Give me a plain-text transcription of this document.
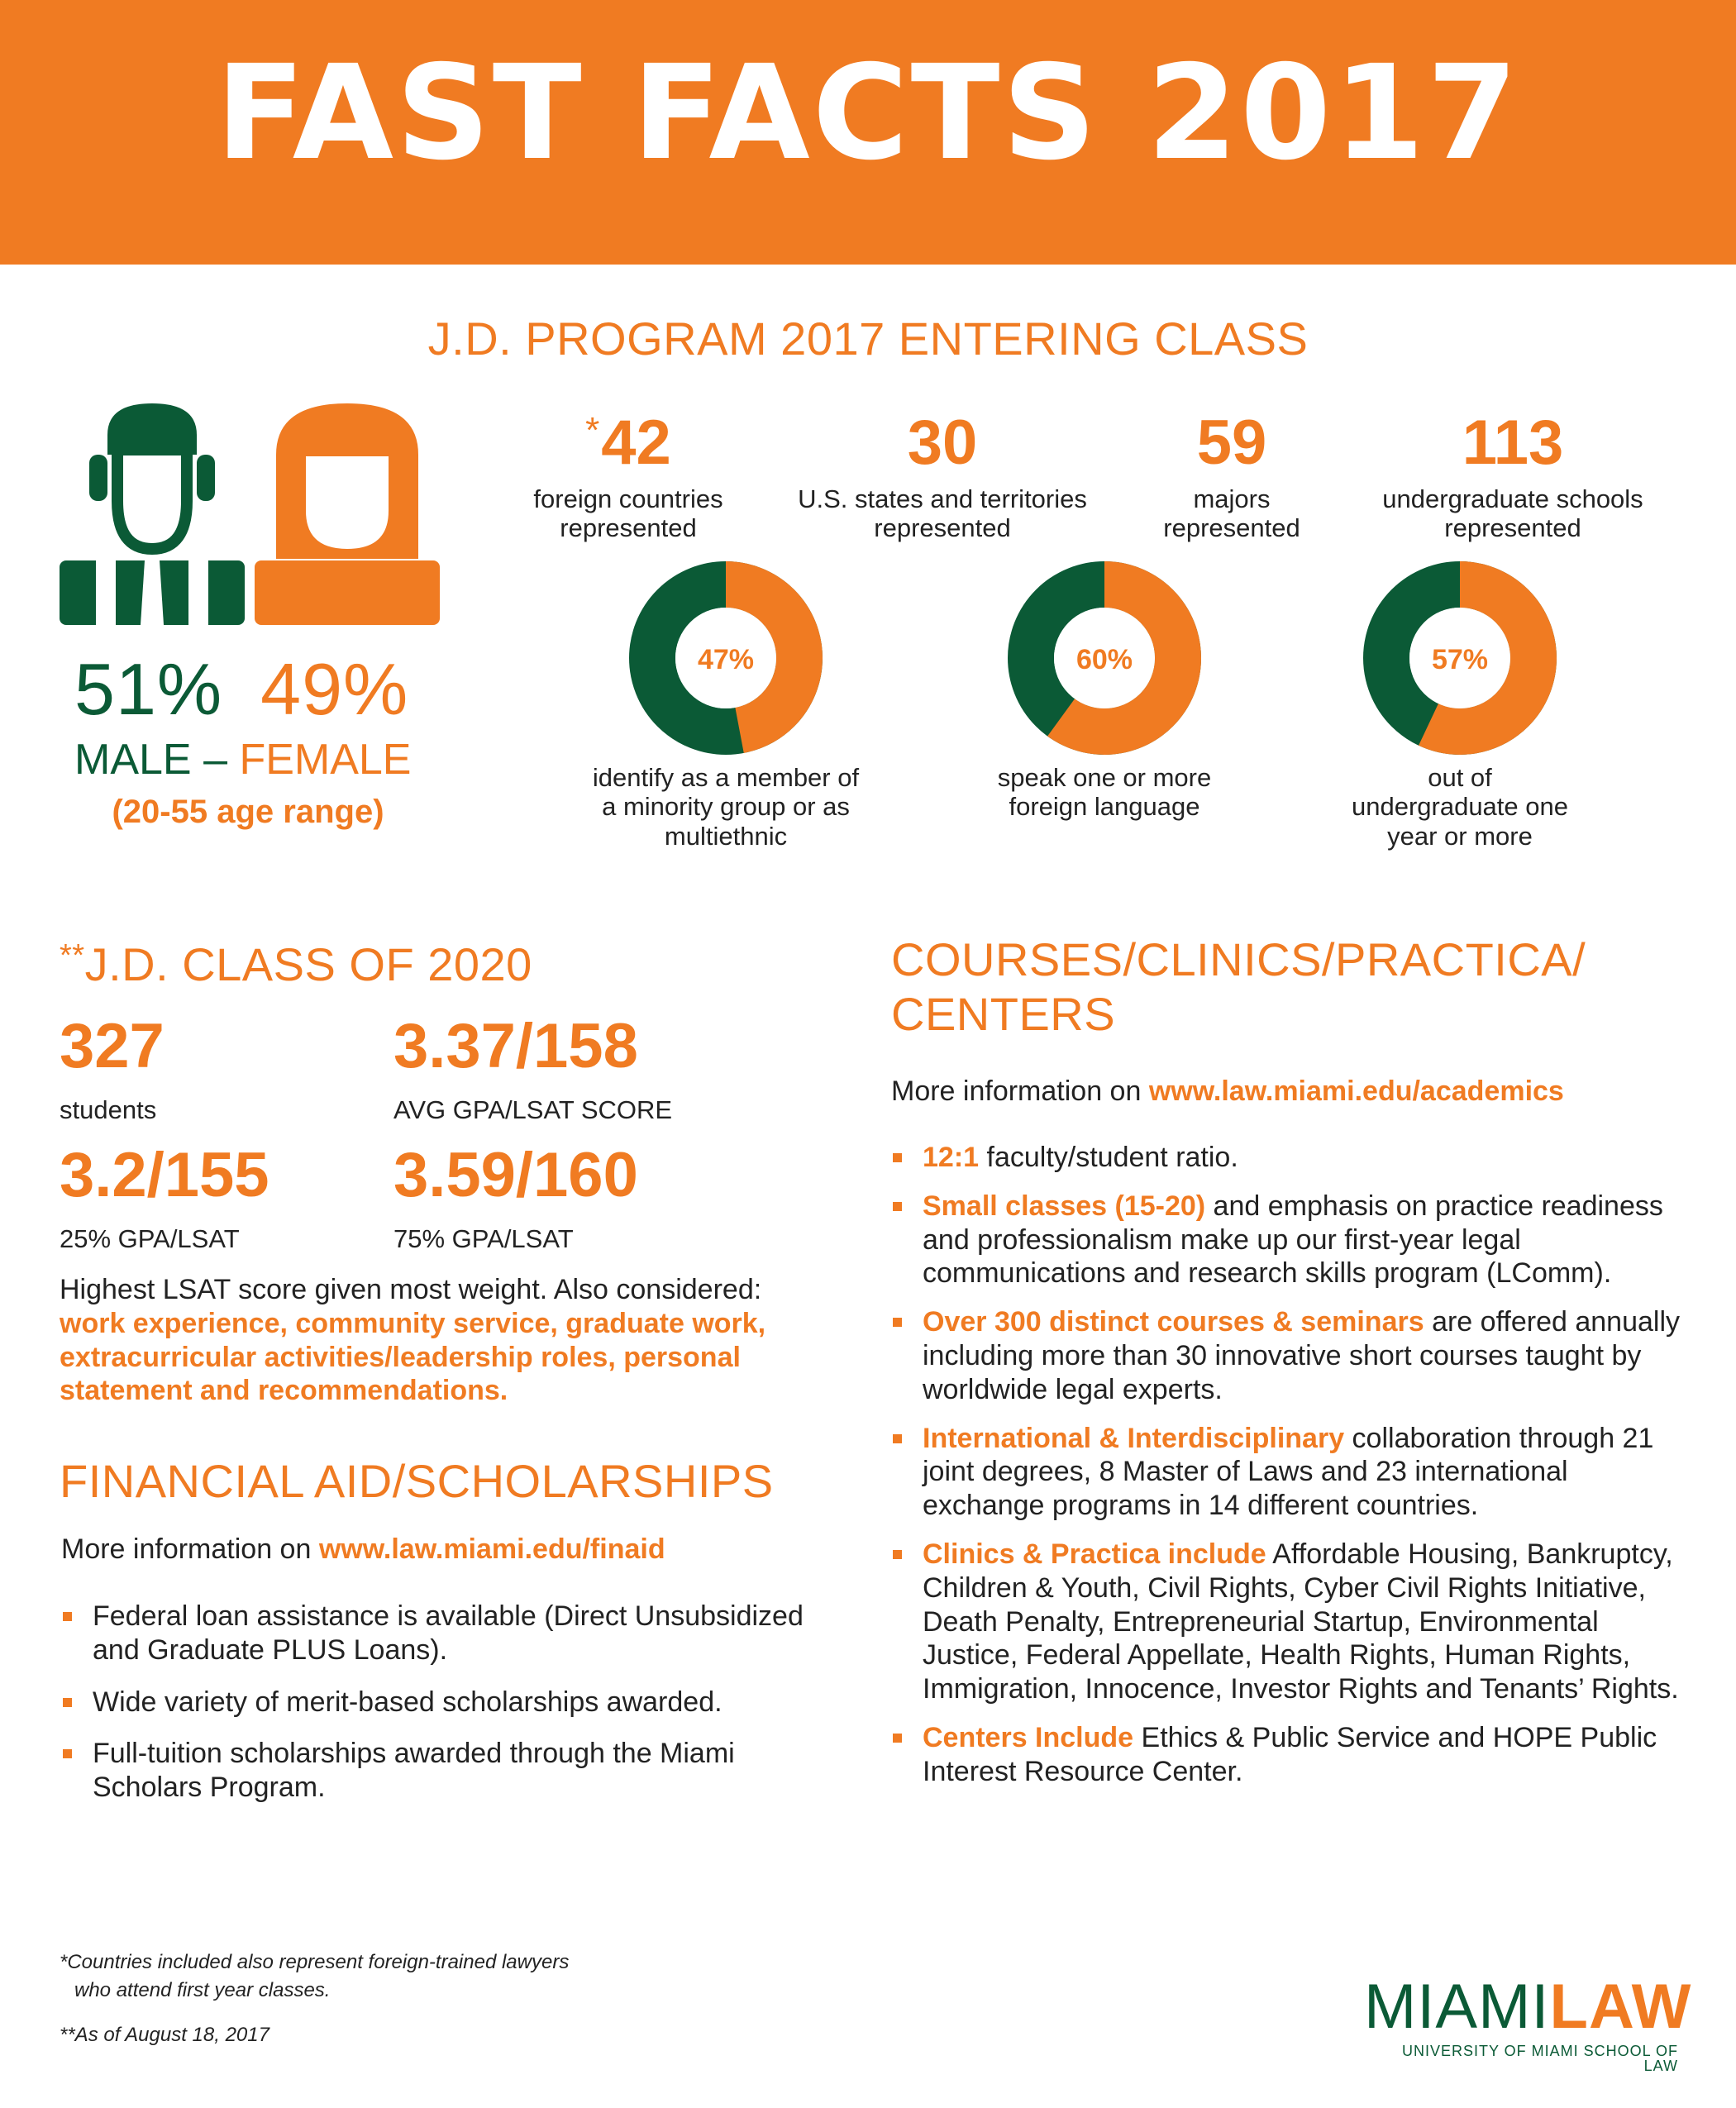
FAST FACTS 2017
J.D. PROGRAM 2017 ENTERING CLASS
51% 49%
MALE – FEMALE
(20-55 age range)
*42
foreign countries
represented
30
U.S. states and territories
represented
59
majors
represented
113
undergraduate schools
represented
47%	60%	57%
identify as a member of
a minority group or as
multiethnic
speak one or more
foreign language
out of
undergraduate one
year or more
**J.D. CLASS OF 2020
327
students
3.37/158
AVG GPA/LSAT SCORE
3.2/155
25% GPA/LSAT
3.59/160
75% GPA/LSAT
Highest LSAT score given most weight. Also considered: work experience, community service, graduate work, extracurricular activities/leadership roles, personal statement and recommendations.
FINANCIAL AID/SCHOLARSHIPS
More information on www.law.miami.edu/finaid
Federal loan assistance is available (Direct Unsubsidized and Graduate PLUS Loans).
Wide variety of merit-based scholarships awarded.
Full-tuition scholarships awarded through the Miami Scholars Program.
COURSES/CLINICS/PRACTICA/
CENTERS
More information on www.law.miami.edu/academics
12:1 faculty/student ratio.
Small classes (15-20) and emphasis on practice readiness and professionalism make up our first-year legal communications and research skills program (LComm).
Over 300 distinct courses & seminars are offered annually including more than 30 innovative short courses taught by worldwide legal experts.
International & Interdisciplinary collaboration through 21 joint degrees, 8 Master of Laws and 23 international exchange programs in 14 different countries.
Clinics & Practica include Affordable Housing, Bankruptcy, Children & Youth, Civil Rights, Cyber Civil Rights Initiative, Death Penalty, Entrepreneurial Startup, Environmental Justice, Federal Appellate, Health Rights, Human Rights, Immigration, Innocence, Investor Rights and Tenants’ Rights.
Centers Include Ethics & Public Service and HOPE Public Interest Resource Center.
*Countries included also represent foreign-trained lawyers
who attend first year classes.
**As of August 18, 2017	MIAMILAW
UNIVERSITY OF MIAMI SCHOOL OF LAW
